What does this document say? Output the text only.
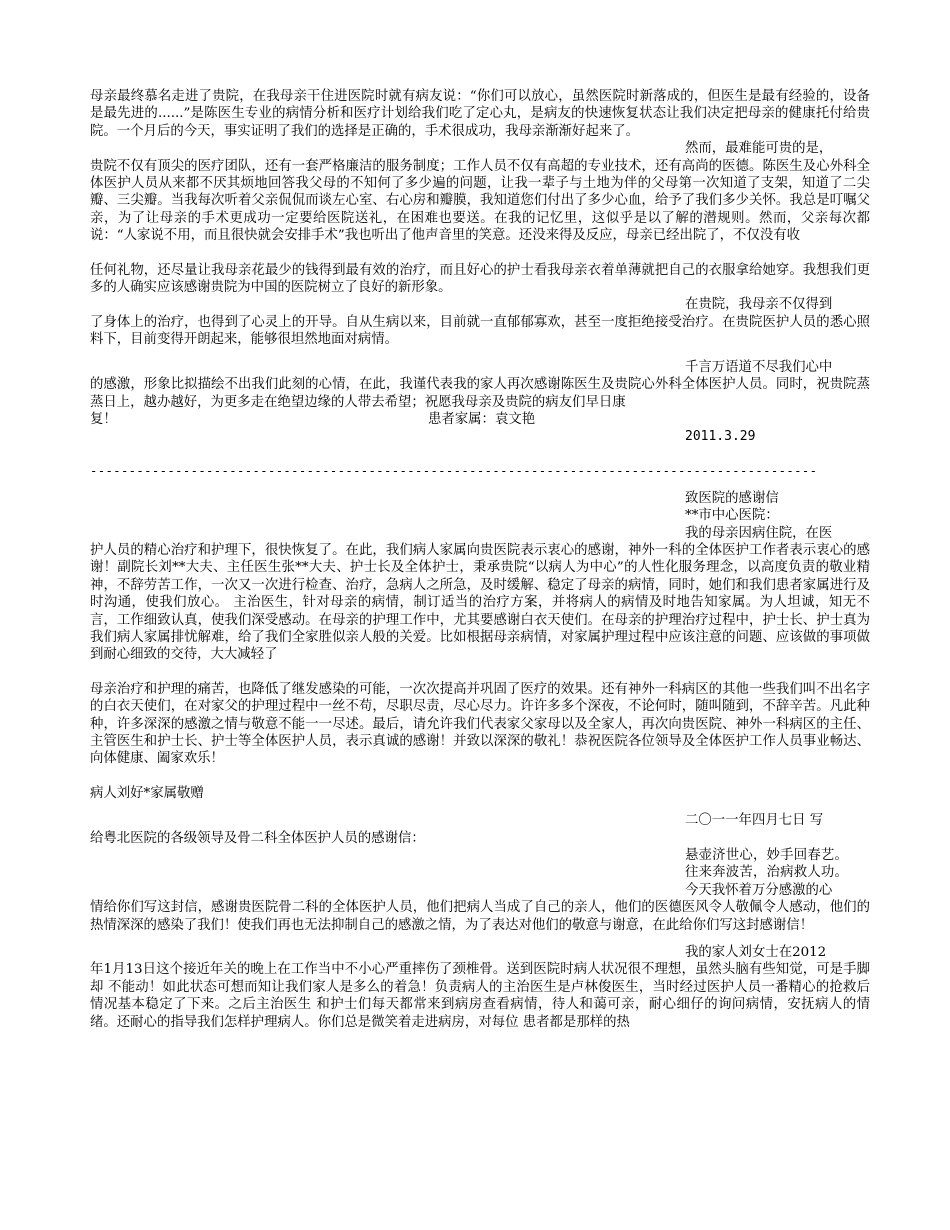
母亲最终慕名走进了贵院，在我母亲干住进医院时就有病友说：“你们可以放心，虽然医院时新落成的，但医生是最有经验的，设备是最先进的......”是陈医生专业的病情分析和医疗计划给我们吃了定心丸，是病友的快速恢复状态让我们决定把母亲的健康托付给贵院。一个月后的今天，事实证明了我们的选择是正确的，手术很成功，我母亲渐渐好起来了。

然而，最难能可贵的是，

贵院不仅有顶尖的医疗团队，还有一套严格廉洁的服务制度；工作人员不仅有高超的专业技术，还有高尚的医德。陈医生及心外科全体医护人员从来都不厌其烦地回答我父母的不知何了多少遍的问题，让我一辈子与土地为伴的父母第一次知道了支架，知道了二尖瓣、三尖瓣。当我每次听着父亲侃侃而谈左心室、右心房和瓣膜，我知道您们付出了多少心血，给予了我们多少关怀。我总是叮嘱父亲，为了让母亲的手术更成功一定要给医院送礼，在困难也要送。在我的记忆里，这似乎是以了解的潜规则。然而，父亲每次都说：“人家说不用，而且很快就会安排手术”我也听出了他声音里的笑意。还没来得及反应，母亲已经出院了，不仅没有收

任何礼物，还尽量让我母亲花最少的钱得到最有效的治疗，而且好心的护士看我母亲衣着单薄就把自己的衣服拿给她穿。我想我们更多的人确实应该感谢贵院为中国的医院树立了良好的新形象。

在贵院，我母亲不仅得到

了身体上的治疗，也得到了心灵上的开导。自从生病以来，目前就一直郁郁寡欢，甚至一度拒绝接受治疗。在贵院医护人员的悉心照料下，目前变得开朗起来，能够很坦然地面对病情。

千言万语道不尽我们心中

的感激，形象比拟描绘不出我们此刻的心情，在此，我谨代表我的家人再次感谢陈医生及贵院心外科全体医护人员。同时，祝贵院蒸蒸日上，越办越好，为更多走在绝望边缘的人带去希望；祝愿我母亲及贵院的病友们早日康

复！	患者家属：袁文艳

2011.3.29

----------------------------------------------------------------------------------------------

致医院的感谢信

**市中心医院：

我的母亲因病住院，在医

护人员的精心治疗和护理下，很快恢复了。在此，我们病人家属向贵医院表示衷心的感谢，神外一科的全体医护工作者表示衷心的感谢！副院长刘**大夫、主任医生张**大夫、护士长及全体护士，秉承贵院“以病人为中心”的人性化服务理念，以高度负责的敬业精神，不辞劳苦工作，一次又一次进行检查、治疗，急病人之所急，及时缓解、稳定了母亲的病情，同时，她们和我们患者家属进行及时沟通，使我们放心。 主治医生，针对母亲的病情，制订适当的治疗方案，并将病人的病情及时地告知家属。为人坦诚，知无不言，工作细致认真，使我们深受感动。在母亲的护理工作中，尤其要感谢白衣天使们。在母亲的护理治疗过程中，护士长、护士真为我们病人家属排忧解难，给了我们全家胜似亲人般的关爱。比如根据母亲病情，对家属护理过程中应该注意的问题、应该做的事项做到耐心细致的交待，大大减轻了

母亲治疗和护理的痛苦，也降低了继发感染的可能，一次次提高并巩固了医疗的效果。还有神外一科病区的其他一些我们叫不出名字的白衣天使们，在对家父的护理过程中一丝不苟，尽职尽责，尽心尽力。许许多多个深夜，不论何时，随叫随到，不辞辛苦。凡此种种，许多深深的感激之情与敬意不能一一尽述。最后，请允许我们代表家父家母以及全家人，再次向贵医院、神外一科病区的主任、主管医生和护士长、护士等全体医护人员，表示真诚的感谢！并致以深深的敬礼！恭祝医院各位领导及全体医护工作人员事业畅达、向体健康、阖家欢乐！

病人刘好*家属敬赠

二〇一一年四月七日 写

给粤北医院的各级领导及骨二科全体医护人员的感谢信：

悬壶济世心，妙手回春艺。

往来奔波苦，治病救人功。

今天我怀着万分感激的心

情给你们写这封信，感谢贵医院骨二科的全体医护人员，他们把病人当成了自己的亲人，他们的医德医风令人敬佩令人感动，他们的热情深深的感染了我们！使我们再也无法抑制自己的感激之情，为了表达对他们的敬意与谢意，在此给你们写这封感谢信！

我的家人刘女士在2012

年1月13日这个接近年关的晚上在工作当中不小心严重摔伤了颈椎骨。送到医院时病人状况很不理想，虽然头脑有些知觉，可是手脚却 不能动！如此状态可想而知让我们家人是多么的着急！负责病人的主治医生是卢林俊医生，当时经过医护人员一番精心的抢救后情况基本稳定了下来。之后主治医生 和护士们每天都常来到病房查看病情，待人和蔼可亲，耐心细仔的询问病情，安抚病人的情绪。还耐心的指导我们怎样护理病人。你们总是微笑着走进病房，对每位 患者都是那样的热
